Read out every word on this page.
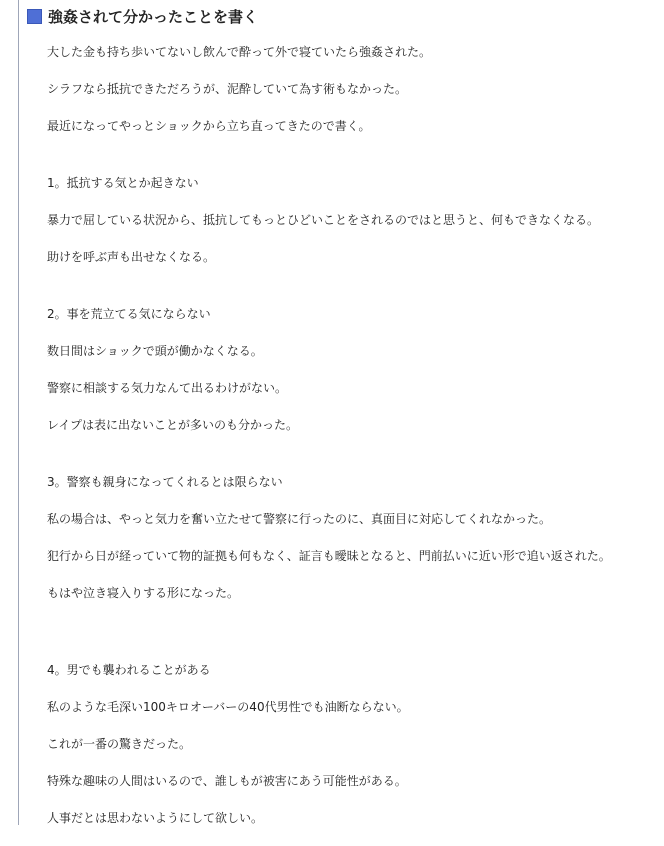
強姦されて分かったことを書く
大した金も持ち歩いてないし飲んで酔って外で寝ていたら強姦された。
シラフなら抵抗できただろうが、泥酔していて為す術もなかった。
最近になってやっとショックから立ち直ってきたので書く。
1。抵抗する気とか起きない
暴力で屈している状況から、抵抗してもっとひどいことをされるのではと思うと、何もできなくなる。
助けを呼ぶ声も出せなくなる。
2。事を荒立てる気にならない
数日間はショックで頭が働かなくなる。
警察に相談する気力なんて出るわけがない。
レイプは表に出ないことが多いのも分かった。
3。警察も親身になってくれるとは限らない
私の場合は、やっと気力を奮い立たせて警察に行ったのに、真面目に対応してくれなかった。
犯行から日が経っていて物的証拠も何もなく、証言も曖昧となると、門前払いに近い形で追い返された。
もはや泣き寝入りする形になった。
4。男でも襲われることがある
私のような毛深い100キロオーバーの40代男性でも油断ならない。
これが一番の驚きだった。
特殊な趣味の人間はいるので、誰しもが被害にあう可能性がある。
人事だとは思わないようにして欲しい。
